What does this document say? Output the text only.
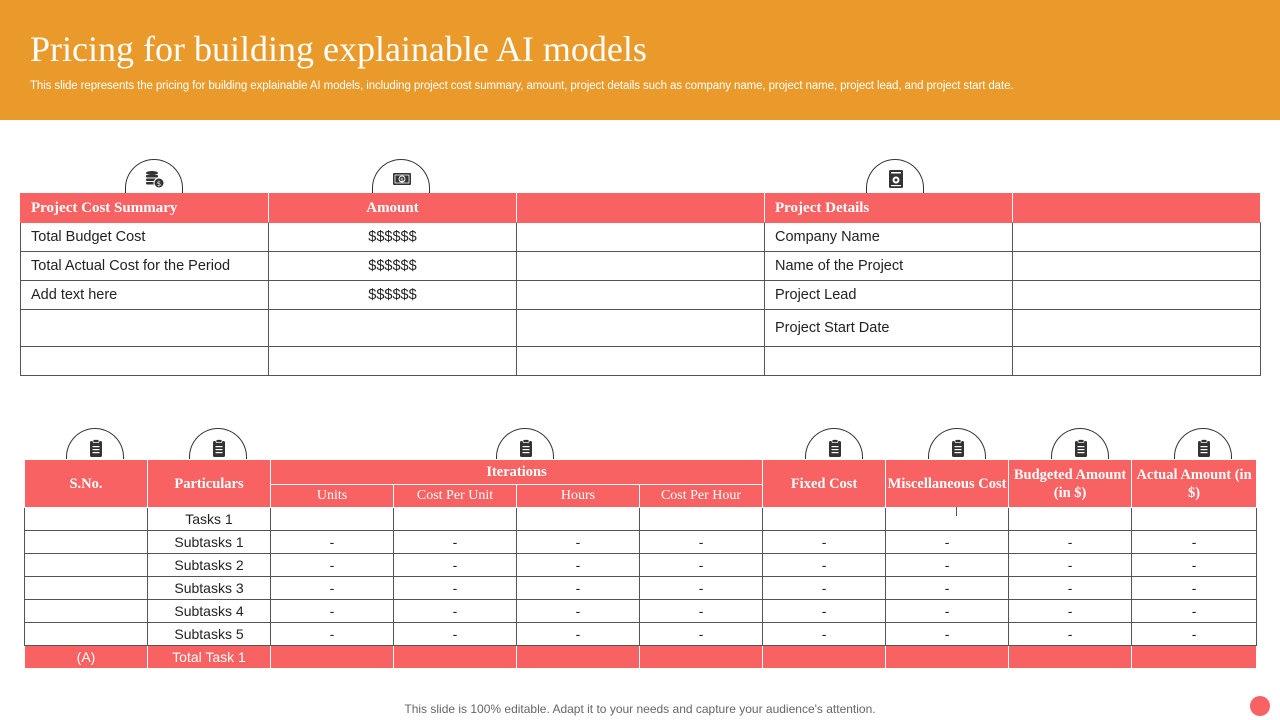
Pricing for building explainable AI models
This slide represents the pricing for building explainable AI models, including project cost summary, amount, project details such as company name, project name, project lead, and project start date.
$	$
Project Cost Summary	Amount		Project Details	
Total Budget Cost	$$$$$$		Company Name	
Total Actual Cost for the Period	$$$$$$		Name of the Project	
Add text here	$$$$$$		Project Lead	
			Project Start Date	

S.No.	Particulars	Iterations				Fixed Cost	Miscellaneous Cost	Budgeted Amount (in $)	Actual Amount (in $)
		Units	Cost Per Unit	Hours	Cost Per Hour				
	Tasks 1								
	Subtasks 1	-	-	-	-	-	-	-	-
	Subtasks 2	-	-	-	-	-	-	-	-
	Subtasks 3	-	-	-	-	-	-	-	-
	Subtasks 4	-	-	-	-	-	-	-	-
	Subtasks 5	-	-	-	-	-	-	-	-
(A)	Total Task 1								
This slide is 100% editable. Adapt it to your needs and capture your audience's attention.
